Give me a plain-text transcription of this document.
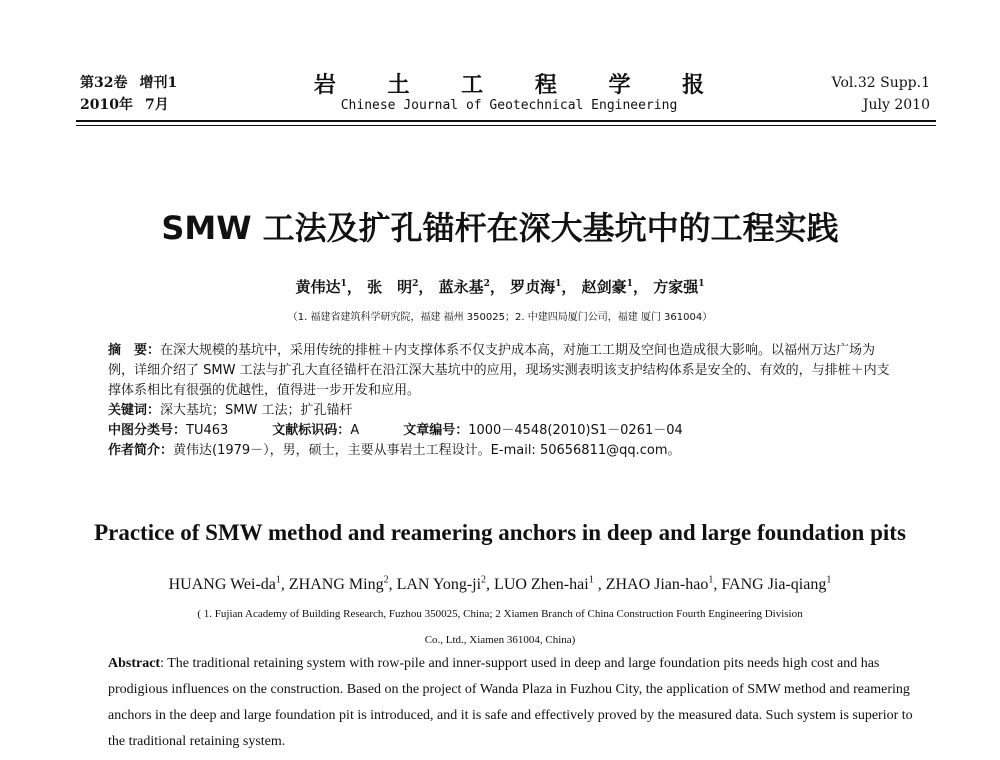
第32卷 增刊1
2010年 7月
岩 土 工 程 学 报
Chinese Journal of Geotechnical Engineering
Vol.32 Supp.1
July 2010
SMW 工法及扩孔锚杆在深大基坑中的工程实践
黄伟达$^1$， 张　明$^2$， 蓝永基$^2$， 罗贞海$^1$， 赵剑豪$^1$， 方家强$^1$
（1. 福建省建筑科学研究院，福建 福州 350025；2. 中建四局厦门公司，福建 厦门 361004）

摘　要：在深大规模的基坑中，采用传统的排桩＋内支撑体系不仅支护成本高，对施工工期及空间也造成很大影响。以福州万达广场为例，详细介绍了 SMW 工法与扩孔大直径锚杆在沿江深大基坑中的应用，现场实测表明该支护结构体系是安全的、有效的，与排桩＋内支撑体系相比有很强的优越性，值得进一步开发和应用。

关键词：深大基坑；SMW 工法；扩孔锚杆

中图分类号：TU463	文献标识码：A	文章编号：1000－4548(2010)S1－0261－04

作者简介：黄伟达(1979－），男，硕士，主要从事岩土工程设计。E-mail: 50656811@qq.com。

Practice of SMW method and reamering anchors in deep and large foundation pits
HUANG Wei-$da^1$, ZHANG Ming$^2$, LAN Yong-$ji^2$, LUO Zhen-hai$^1$ , ZHAO Jian-hao$^1$, FANG Jia-qiang$^1$
( 1. Fujian Academy of Building Research, Fuzhou 350025, China; 2 Xiamen Branch of China Construction Fourth Engineering Division
Co., Ltd., Xiamen 361004, China)
Abstract: The traditional retaining system with row-pile and inner-support used in deep and large foundation pits needs high cost and has prodigious influences on the construction. Based on the project of Wanda Plaza in Fuzhou City, the application of SMW method and reamering anchors in the deep and large foundation pit is introduced, and it is safe and effectively proved by the measured data. Such system is superior to the traditional retaining system.
